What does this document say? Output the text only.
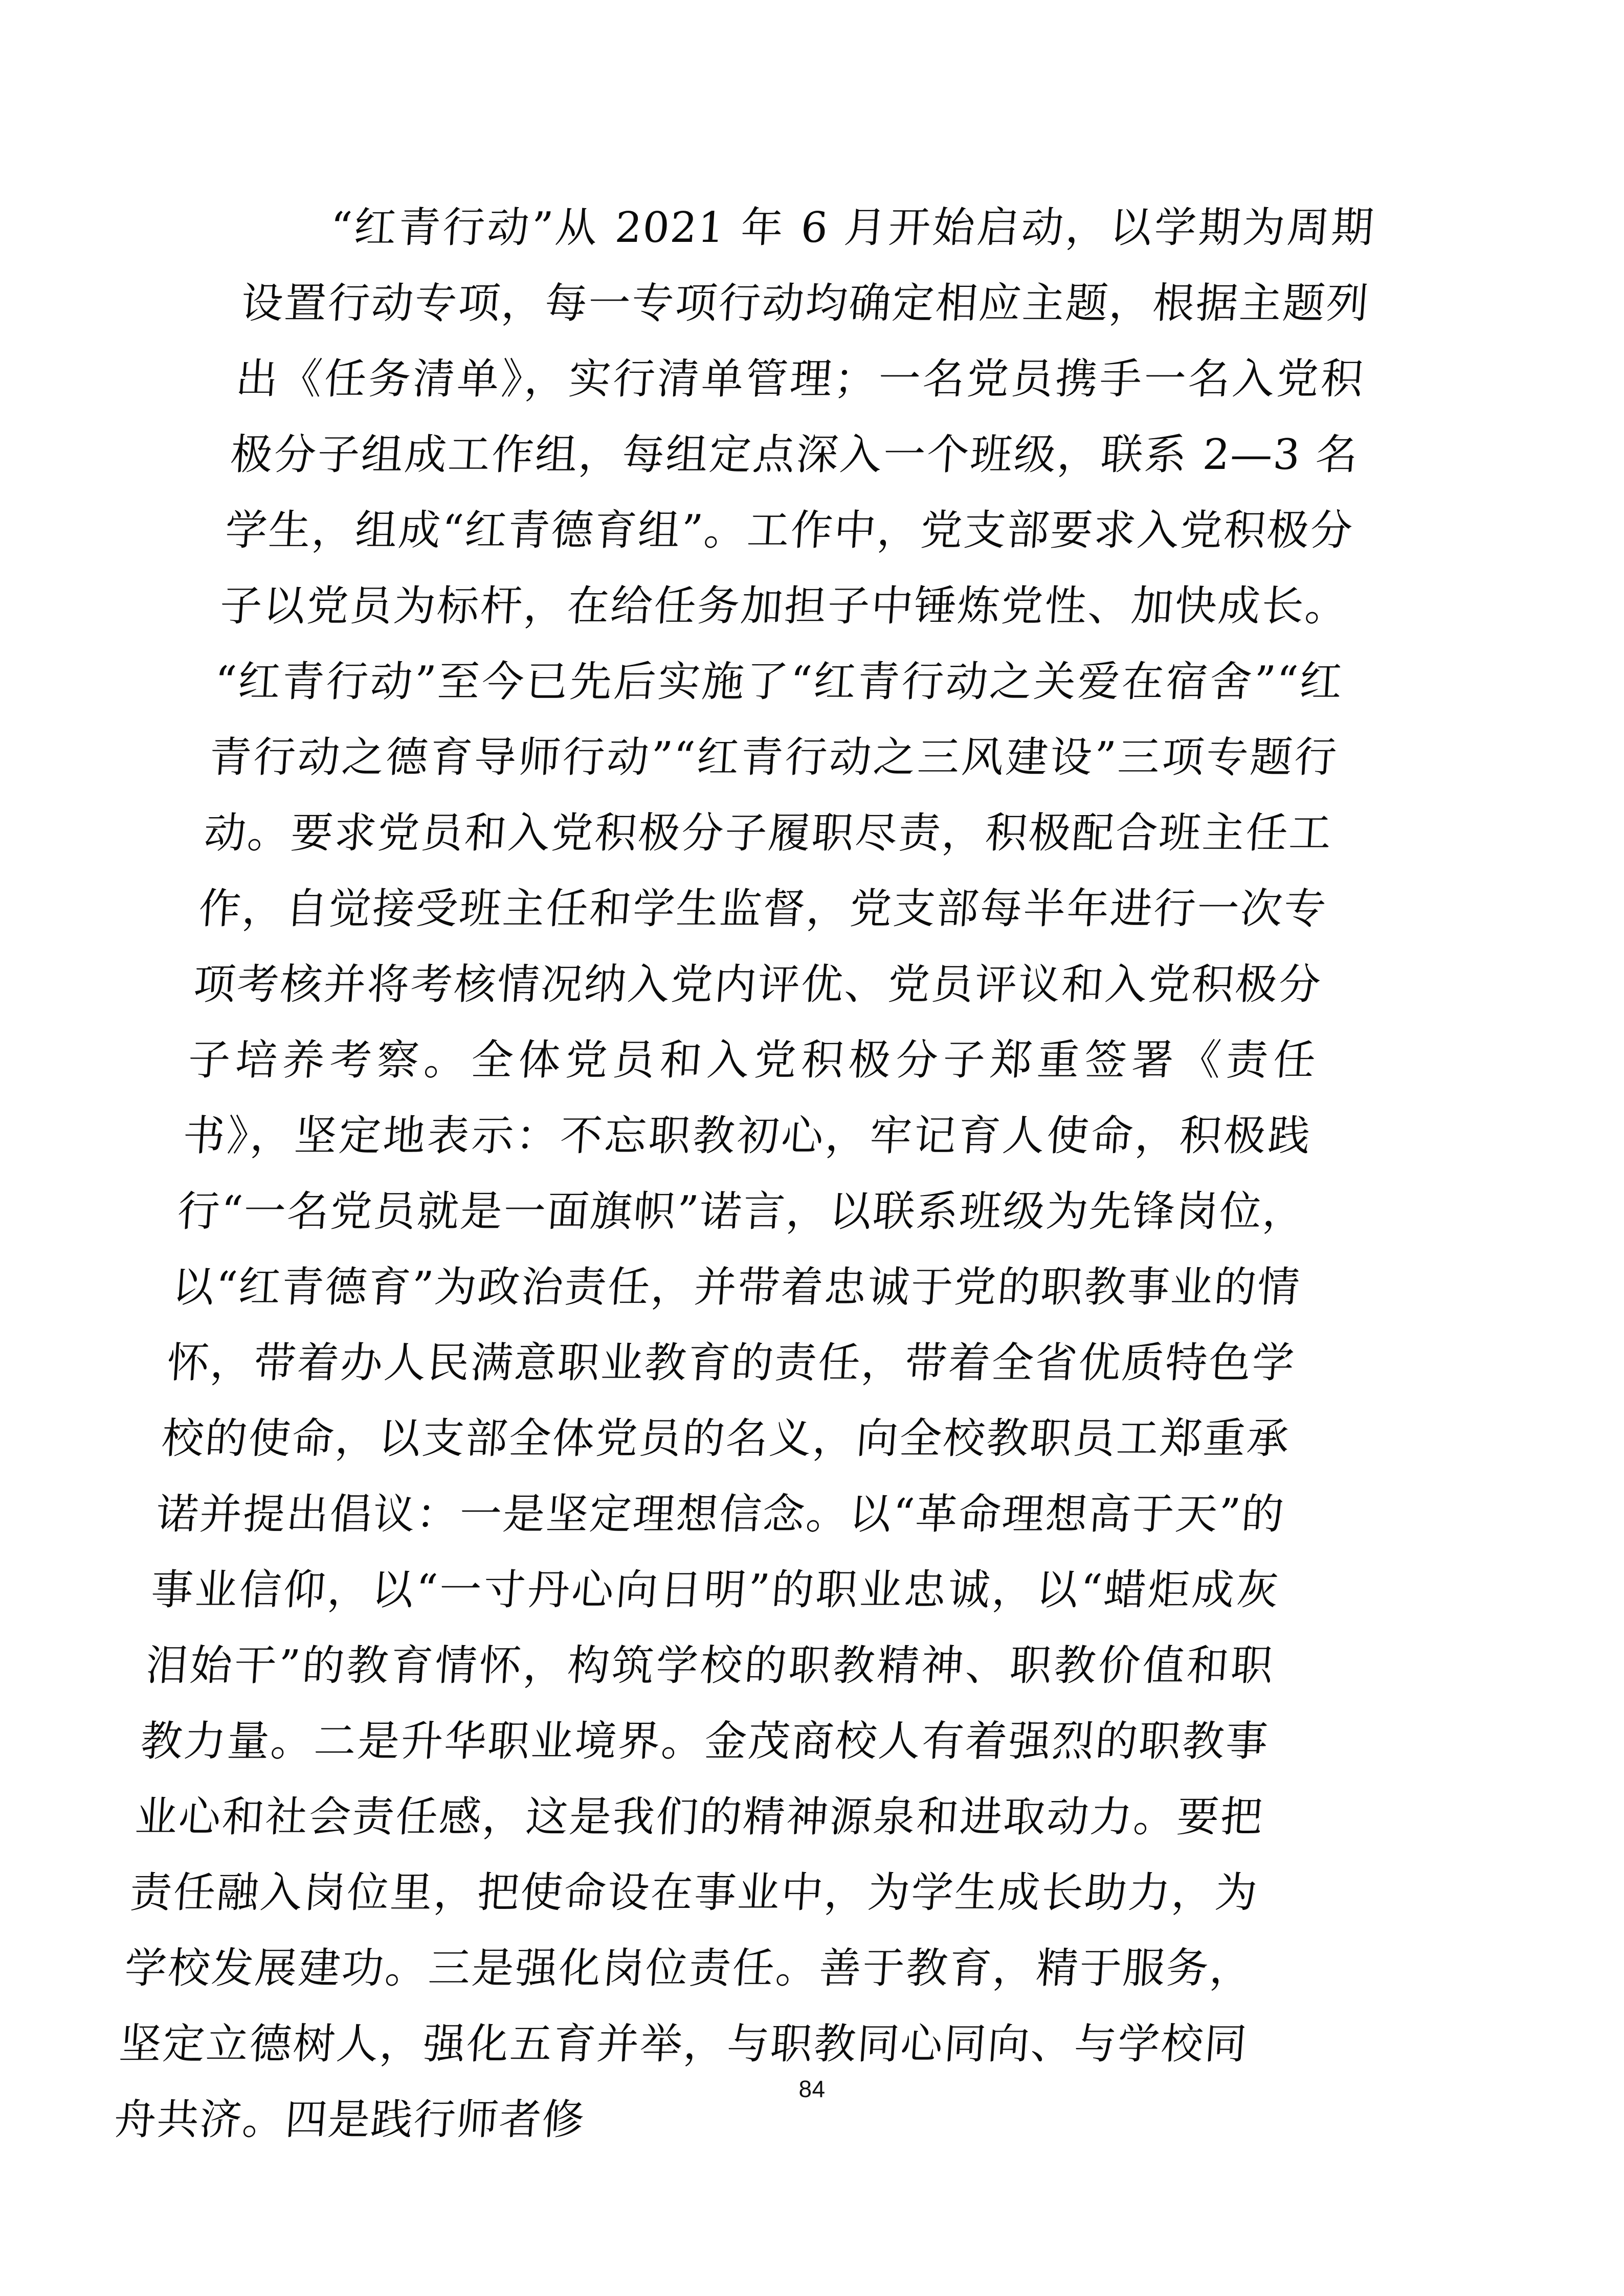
“红青行动”从 2021 年 6 月开始启动，以学期为周期设置行动专项，每一专项行动均确定相应主题，根据主题列出《任务清单》，实行清单管理；一名党员携手一名入党积极分子组成工作组，每组定点深入一个班级，联系 2—3 名学生，组成“红青德育组”。工作中，党支部要求入党积极分子以党员为标杆，在给任务加担子中锤炼党性、加快成长。“红青行动”至今已先后实施了“红青行动之关爱在宿舍”“红青行动之德育导师行动”“红青行动之三风建设”三项专题行动。要求党员和入党积极分子履职尽责，积极配合班主任工作，自觉接受班主任和学生监督，党支部每半年进行一次专项考核并将考核情况纳入党内评优、党员评议和入党积极分子培养考察。全体党员和入党积极分子郑重签署《责任书》，坚定地表示：不忘职教初心，牢记育人使命，积极践行“一名党员就是一面旗帜”诺言，以联系班级为先锋岗位，以“红青德育”为政治责任，并带着忠诚于党的职教事业的情怀，带着办人民满意职业教育的责任，带着全省优质特色学校的使命，以支部全体党员的名义，向全校教职员工郑重承诺并提出倡议：一是坚定理想信念。以“革命理想高于天”的事业信仰，以“一寸丹心向日明”的职业忠诚，以“蜡炬成灰泪始干”的教育情怀，构筑学校的职教精神、职教价值和职教力量。二是升华职业境界。金茂商校人有着强烈的职教事业心和社会责任感，这是我们的精神源泉和进取动力。要把责任融入岗位里，把使命设在事业中，为学生成长助力，为学校发展建功。三是强化岗位责任。善于教育，精于服务，坚定立德树人，强化五育并举，与职教同心同向、与学校同舟共济。四是践行师者修

84
